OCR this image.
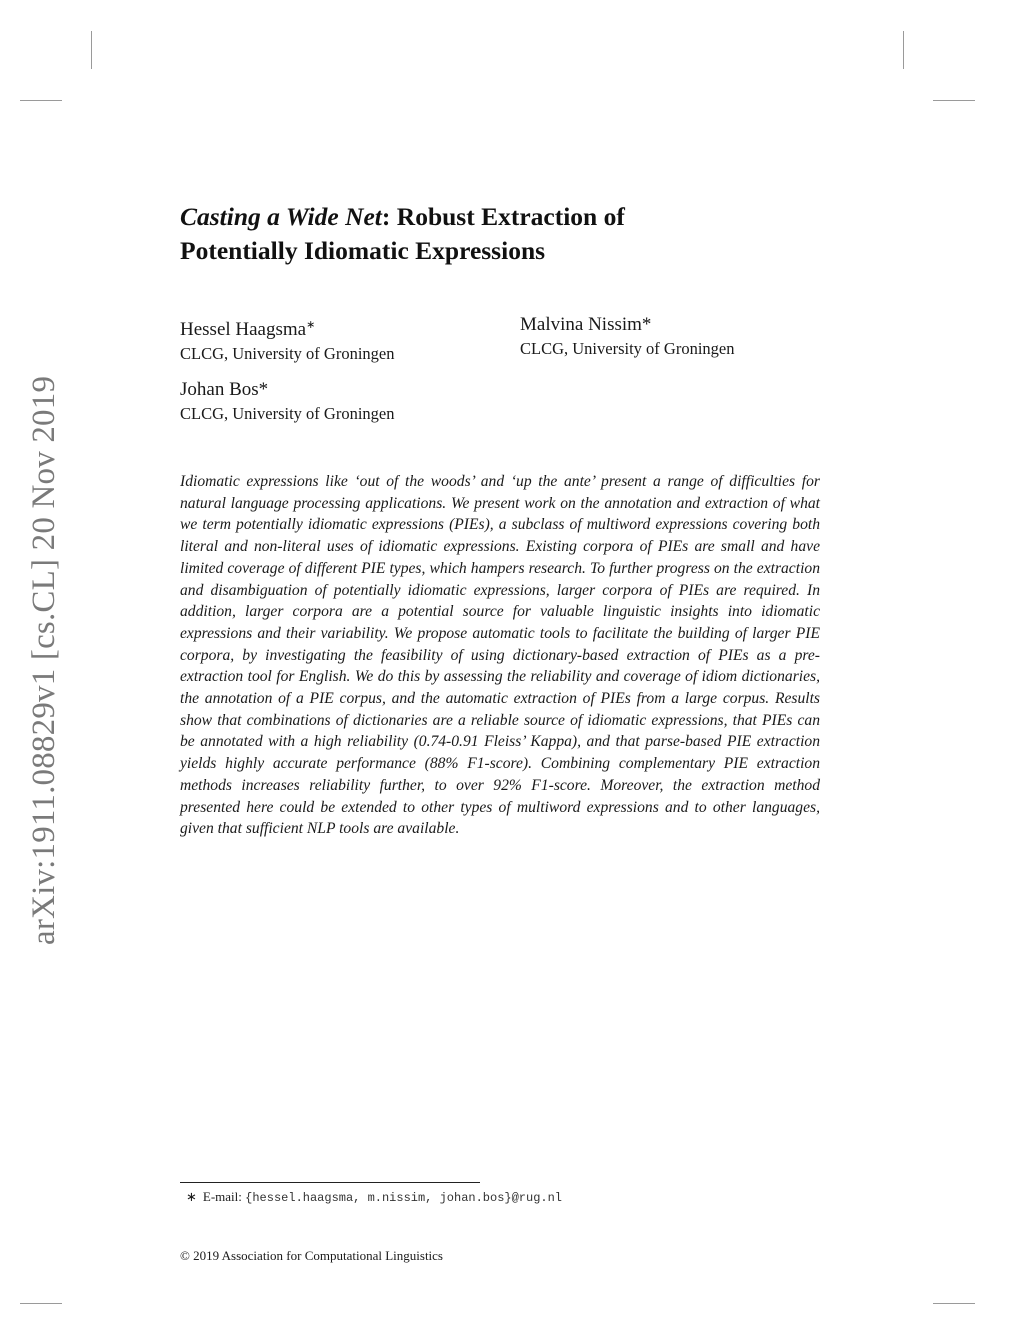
arXiv:1911.08829v1 [cs.CL] 20 Nov 2019
Casting a Wide Net: Robust Extraction of
Potentially Idiomatic Expressions
Hessel Haagsma∗
CLCG, University of Groningen
Malvina Nissim*
CLCG, University of Groningen
Johan Bos*
CLCG, University of Groningen
Idiomatic expressions like ‘out of the woods’ and ‘up the ante’ present a range of difficulties for natural language processing applications. We present work on the annotation and extraction of what we term potentially idiomatic expressions (PIEs), a subclass of multiword expressions covering both literal and non-literal uses of idiomatic expressions. Existing corpora of PIEs are small and have limited coverage of different PIE types, which hampers research. To further progress on the extraction and disambiguation of potentially idiomatic expressions, larger corpora of PIEs are required. In addition, larger corpora are a potential source for valuable linguistic insights into idiomatic expressions and their variability. We propose automatic tools to facilitate the building of larger PIE corpora, by investigating the feasibility of using dictionary-based extraction of PIEs as a pre-extraction tool for English. We do this by assessing the reliability and coverage of idiom dictionaries, the annotation of a PIE corpus, and the automatic extraction of PIEs from a large corpus. Results show that combinations of dictionaries are a reliable source of idiomatic expressions, that PIEs can be annotated with a high reliability (0.74-0.91 Fleiss’ Kappa), and that parse-based PIE extraction yields highly accurate performance (88% F1-score). Combining complementary PIE extraction methods increases reliability further, to over 92% F1-score. Moreover, the extraction method presented here could be extended to other types of multiword expressions and to other languages, given that sufficient NLP tools are available.
∗ E-mail: {hessel.haagsma, m.nissim, johan.bos}@rug.nl
© 2019 Association for Computational Linguistics
